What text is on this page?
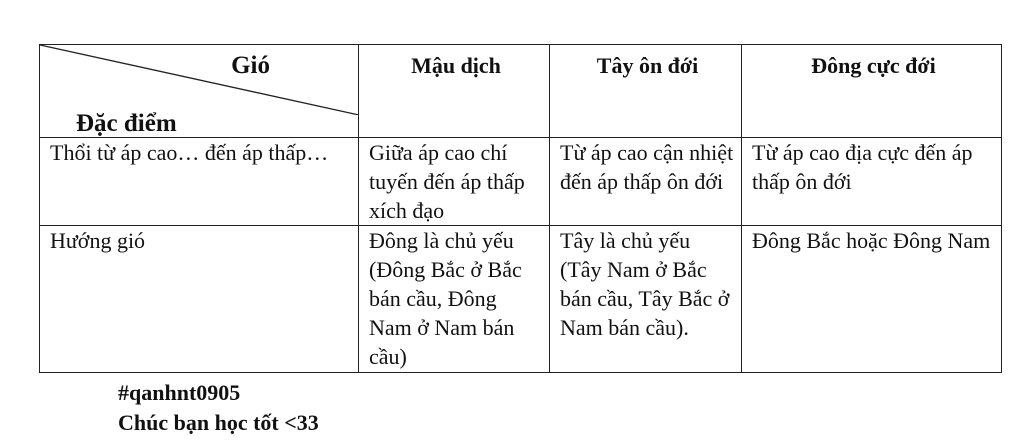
Gió
Đặc điểm	Mậu dịch	Tây ôn đới	Đông cực đới
Thổi từ áp cao… đến áp thấp…	Giữa áp cao chí tuyến đến áp thấp xích đạo	Từ áp cao cận nhiệt đến áp thấp ôn đới	Từ áp cao địa cực đến áp thấp ôn đới
Hướng gió	Đông là chủ yếu (Đông Bắc ở Bắc bán cầu, Đông Nam ở Nam bán cầu)	Tây là chủ yếu (Tây Nam ở Bắc bán cầu, Tây Bắc ở Nam bán cầu).	Đông Bắc hoặc Đông Nam
#qanhnt0905
Chúc bạn học tốt <33
